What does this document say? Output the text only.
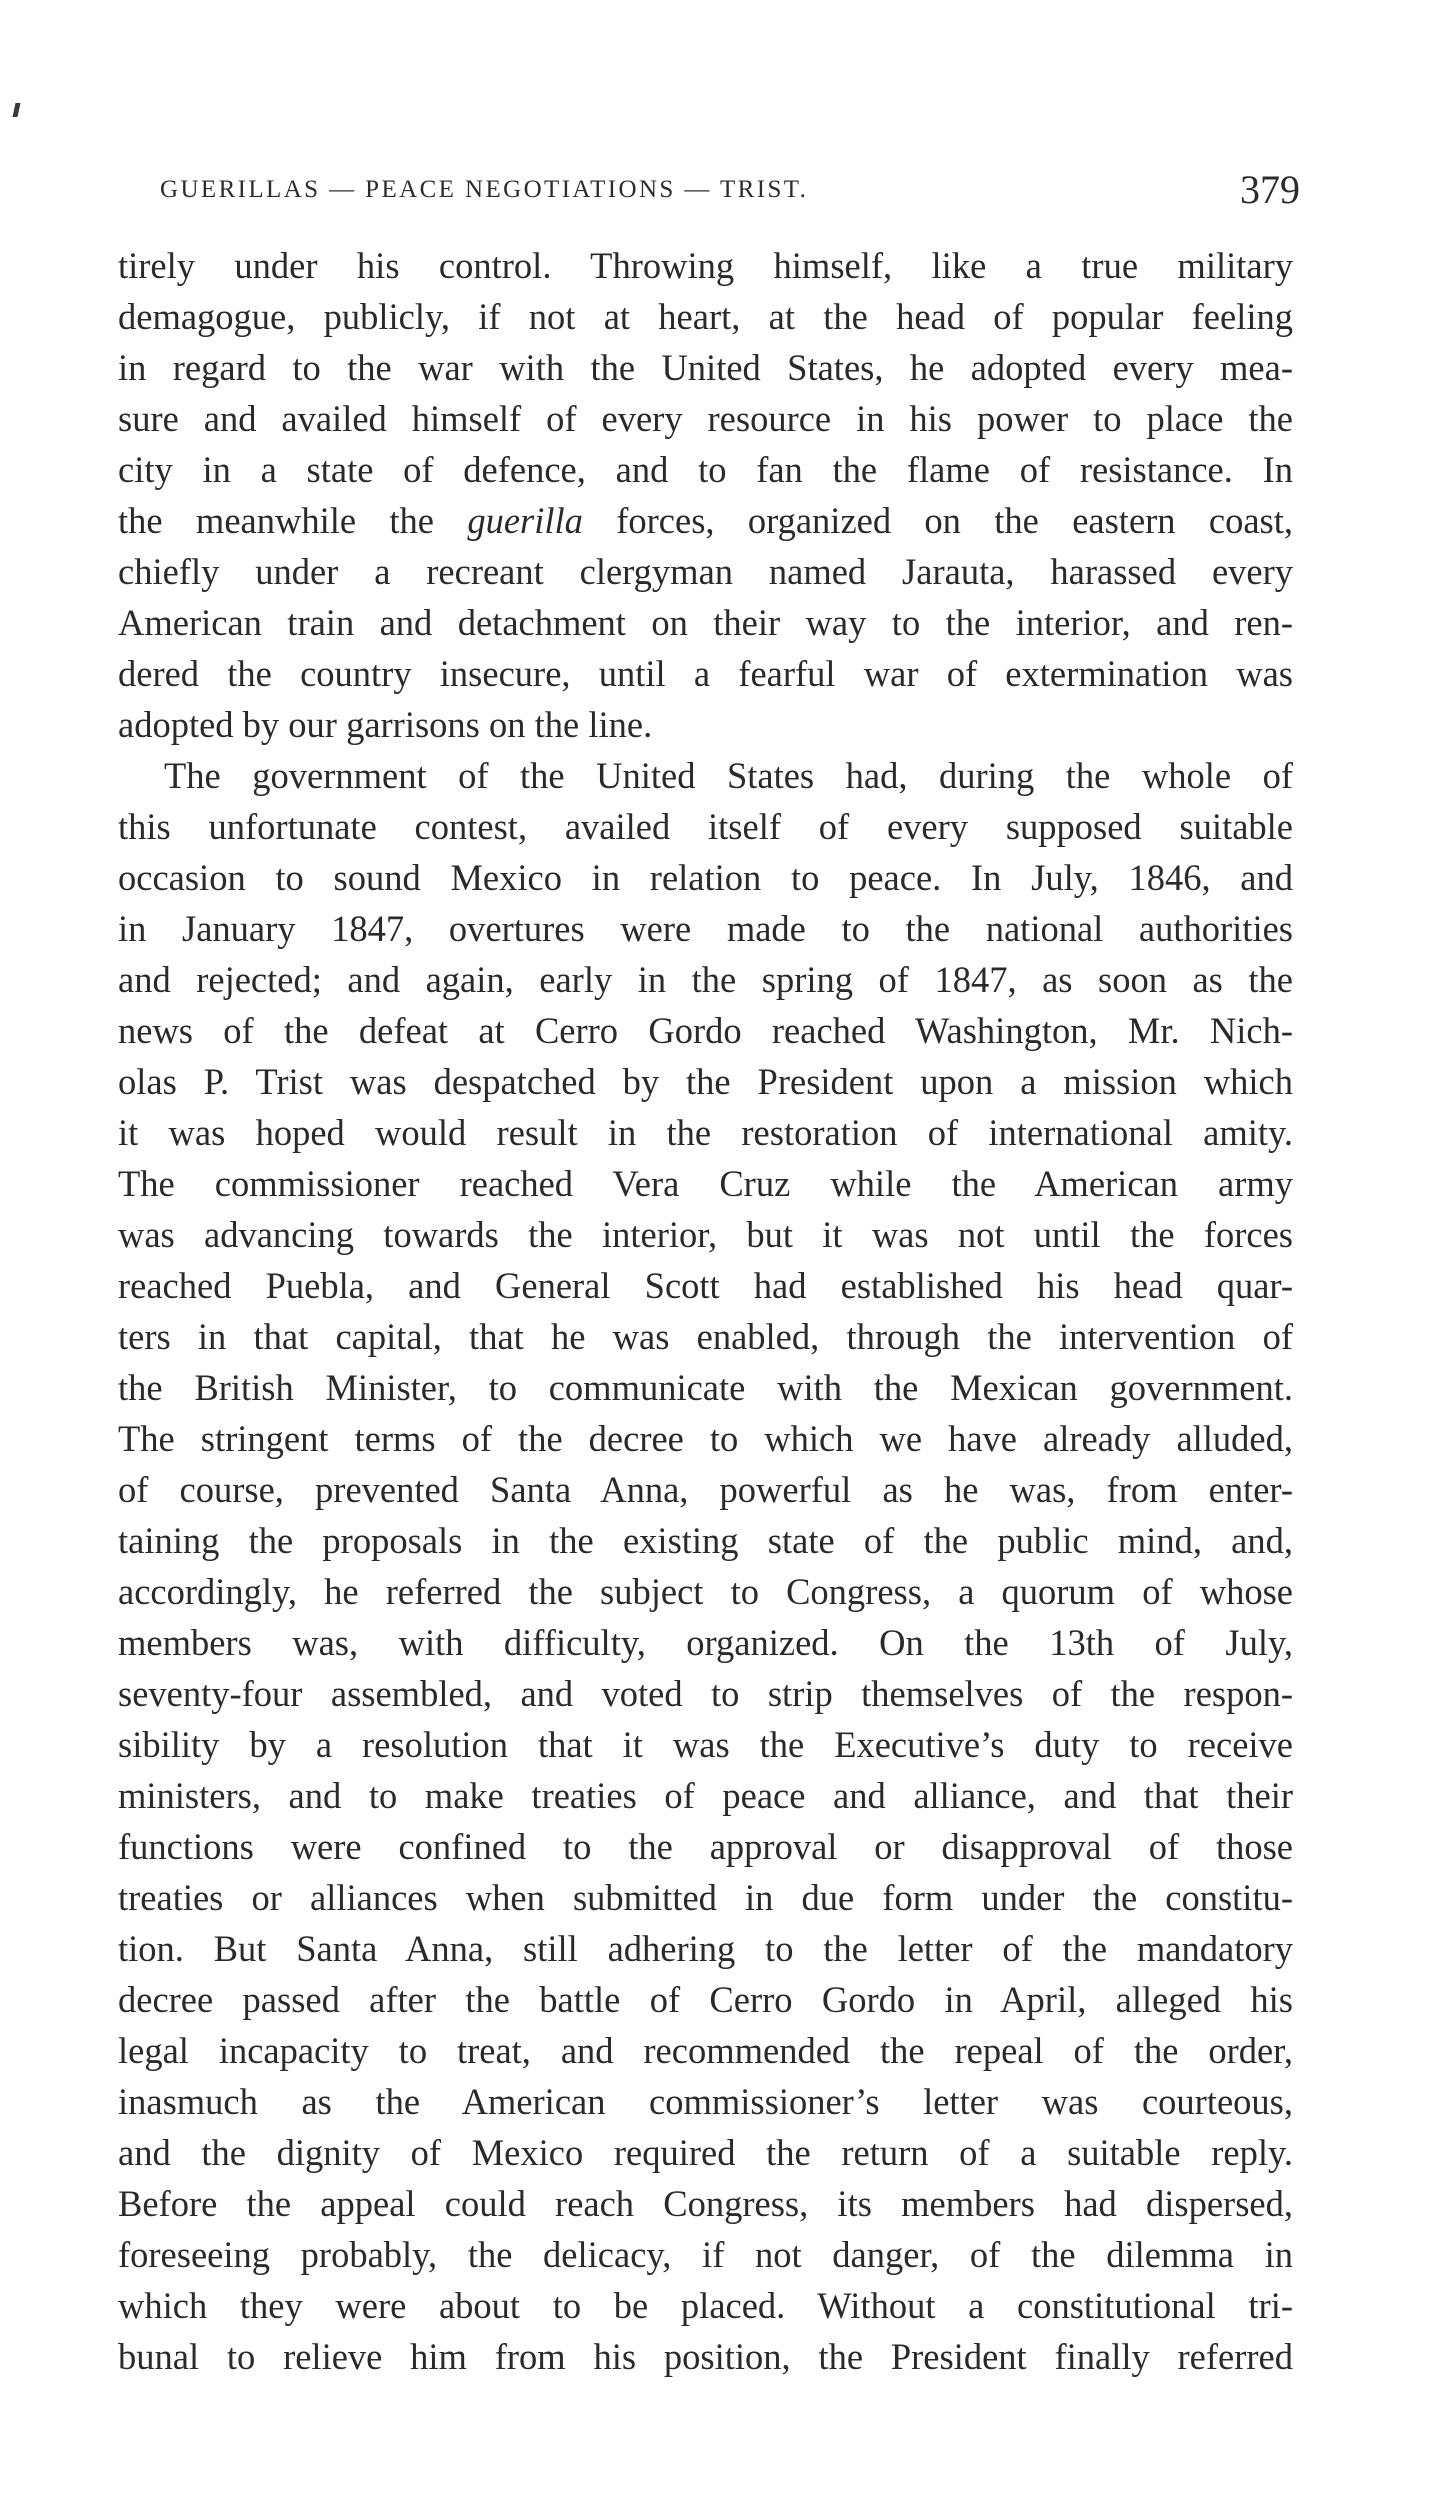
GUERILLAS — PEACE NEGOTIATIONS — TRIST.	379
tirely under his control. Throwing himself, like a true military
demagogue, publicly, if not at heart, at the head of popular feeling
in regard to the war with the United States, he adopted every mea-
sure and availed himself of every resource in his power to place the
city in a state of defence, and to fan the flame of resistance. In
the meanwhile the guerilla forces, organized on the eastern coast,
chiefly under a recreant clergyman named Jarauta, harassed every
American train and detachment on their way to the interior, and ren-
dered the country insecure, until a fearful war of extermination was
adopted by our garrisons on the line.
The government of the United States had, during the whole of
this unfortunate contest, availed itself of every supposed suitable
occasion to sound Mexico in relation to peace. In July, 1846, and
in January 1847, overtures were made to the national authorities
and rejected; and again, early in the spring of 1847, as soon as the
news of the defeat at Cerro Gordo reached Washington, Mr. Nich-
olas P. Trist was despatched by the President upon a mission which
it was hoped would result in the restoration of international amity.
The commissioner reached Vera Cruz while the American army
was advancing towards the interior, but it was not until the forces
reached Puebla, and General Scott had established his head quar-
ters in that capital, that he was enabled, through the intervention of
the British Minister, to communicate with the Mexican government.
The stringent terms of the decree to which we have already alluded,
of course, prevented Santa Anna, powerful as he was, from enter-
taining the proposals in the existing state of the public mind, and,
accordingly, he referred the subject to Congress, a quorum of whose
members was, with difficulty, organized. On the 13th of July,
seventy-four assembled, and voted to strip themselves of the respon-
sibility by a resolution that it was the Executive’s duty to receive
ministers, and to make treaties of peace and alliance, and that their
functions were confined to the approval or disapproval of those
treaties or alliances when submitted in due form under the constitu-
tion. But Santa Anna, still adhering to the letter of the mandatory
decree passed after the battle of Cerro Gordo in April, alleged his
legal incapacity to treat, and recommended the repeal of the order,
inasmuch as the American commissioner’s letter was courteous,
and the dignity of Mexico required the return of a suitable reply.
Before the appeal could reach Congress, its members had dispersed,
foreseeing probably, the delicacy, if not danger, of the dilemma in
which they were about to be placed. Without a constitutional tri-
bunal to relieve him from his position, the President finally referred
